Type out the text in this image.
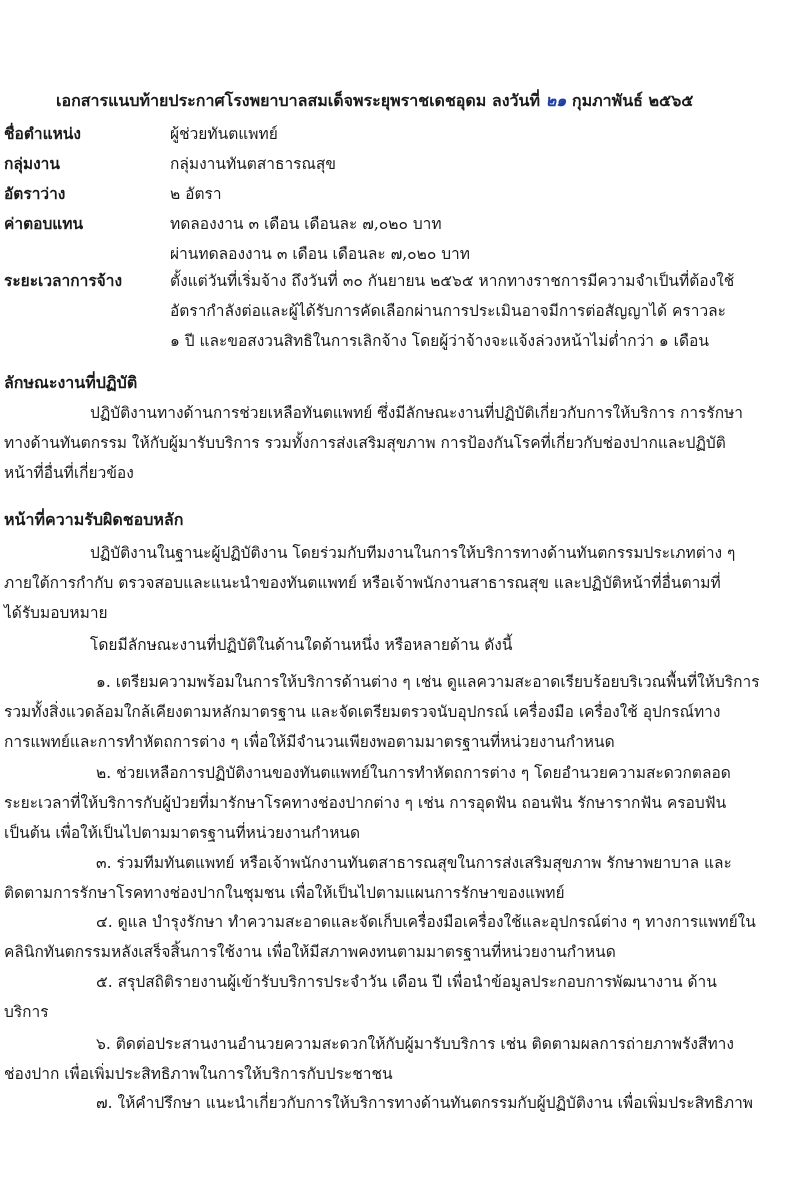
เอกสารแนบท้ายประกาศโรงพยาบาลสมเด็จพระยุพราชเดชอุดม ลงวันที่ ๒๑ กุมภาพันธ์ ๒๕๖๕
ชื่อตำแหน่ง	ผู้ช่วยทันตแพทย์
กลุ่มงาน	กลุ่มงานทันตสาธารณสุข
อัตราว่าง	๒ อัตรา
ค่าตอบแทน	ทดลองงาน ๓ เดือน เดือนละ ๗,๐๒๐ บาท
ผ่านทดลองงาน ๓ เดือน เดือนละ ๗,๐๒๐ บาท
ระยะเวลาการจ้าง	ตั้งแต่วันที่เริ่มจ้าง ถึงวันที่ ๓๐ กันยายน ๒๕๖๕ หากทางราชการมีความจำเป็นที่ต้องใช้
อัตรากำลังต่อและผู้ได้รับการคัดเลือกผ่านการประเมินอาจมีการต่อสัญญาได้ คราวละ
๑ ปี และขอสงวนสิทธิในการเลิกจ้าง โดยผู้ว่าจ้างจะแจ้งล่วงหน้าไม่ต่ำกว่า ๑ เดือน
ลักษณะงานที่ปฏิบัติ
ปฏิบัติงานทางด้านการช่วยเหลือทันตแพทย์ ซึ่งมีลักษณะงานที่ปฏิบัติเกี่ยวกับการให้บริการ การรักษา
ทางด้านทันตกรรม ให้กับผู้มารับบริการ รวมทั้งการส่งเสริมสุขภาพ การป้องกันโรคที่เกี่ยวกับช่องปากและปฏิบัติ
หน้าที่อื่นที่เกี่ยวข้อง
หน้าที่ความรับผิดชอบหลัก
ปฏิบัติงานในฐานะผู้ปฏิบัติงาน โดยร่วมกับทีมงานในการให้บริการทางด้านทันตกรรมประเภทต่าง ๆ
ภายใต้การกำกับ ตรวจสอบและแนะนำของทันตแพทย์ หรือเจ้าพนักงานสาธารณสุข และปฏิบัติหน้าที่อื่นตามที่
ได้รับมอบหมาย
โดยมีลักษณะงานที่ปฏิบัติในด้านใดด้านหนึ่ง หรือหลายด้าน ดังนี้
๑. เตรียมความพร้อมในการให้บริการด้านต่าง ๆ เช่น ดูแลความสะอาดเรียบร้อยบริเวณพื้นที่ให้บริการ
รวมทั้งสิ่งแวดล้อมใกล้เคียงตามหลักมาตรฐาน และจัดเตรียมตรวจนับอุปกรณ์ เครื่องมือ เครื่องใช้ อุปกรณ์ทาง
การแพทย์และการทำหัตถการต่าง ๆ เพื่อให้มีจำนวนเพียงพอตามมาตรฐานที่หน่วยงานกำหนด
๒. ช่วยเหลือการปฏิบัติงานของทันตแพทย์ในการทำหัตถการต่าง ๆ โดยอำนวยความสะดวกตลอด
ระยะเวลาที่ให้บริการกับผู้ป่วยที่มารักษาโรคทางช่องปากต่าง ๆ เช่น การอุดฟัน ถอนฟัน รักษารากฟัน ครอบฟัน
เป็นต้น เพื่อให้เป็นไปตามมาตรฐานที่หน่วยงานกำหนด
๓. ร่วมทีมทันตแพทย์ หรือเจ้าพนักงานทันตสาธารณสุขในการส่งเสริมสุขภาพ รักษาพยาบาล และ
ติดตามการรักษาโรคทางช่องปากในชุมชน เพื่อให้เป็นไปตามแผนการรักษาของแพทย์
๔. ดูแล บำรุงรักษา ทำความสะอาดและจัดเก็บเครื่องมือเครื่องใช้และอุปกรณ์ต่าง ๆ ทางการแพทย์ใน
คลินิกทันตกรรมหลังเสร็จสิ้นการใช้งาน เพื่อให้มีสภาพคงทนตามมาตรฐานที่หน่วยงานกำหนด
๕. สรุปสถิติรายงานผู้เข้ารับบริการประจำวัน เดือน ปี เพื่อนำข้อมูลประกอบการพัฒนางาน ด้าน
บริการ
๖. ติดต่อประสานงานอำนวยความสะดวกให้กับผู้มารับบริการ เช่น ติดตามผลการถ่ายภาพรังสีทาง
ช่องปาก เพื่อเพิ่มประสิทธิภาพในการให้บริการกับประชาชน
๗. ให้คำปรึกษา แนะนำเกี่ยวกับการให้บริการทางด้านทันตกรรมกับผู้ปฏิบัติงาน เพื่อเพิ่มประสิทธิภาพ
